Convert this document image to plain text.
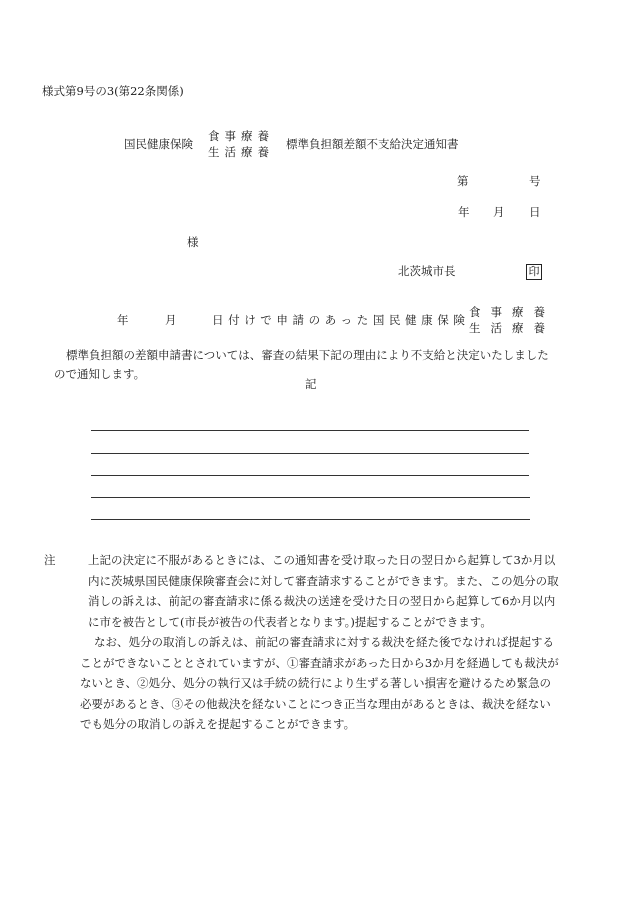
様式第9号の3(第22条関係)
国民健康保険
食事療養
生活療養
標準負担額差額不支給決定通知書
第	号
年 月 日
様
北茨城市長	印
年	月	日付けで申請のあった国民健康保険
食事療養
生活療養

標準負担額の差額申請書については、審査の結果下記の理由により不支給と決定いたしましたので通知します。

記

注	上記の決定に不服があるときには、この通知書を受け取った日の翌日から起算して3か月以内に茨城県国民健康保険審査会に対して審査請求することができます。また、この処分の取消しの訴えは、前記の審査請求に係る裁決の送達を受けた日の翌日から起算して6か月以内に市を被告として(市長が被告の代表者となります。)提起することができます。

なお、処分の取消しの訴えは、前記の審査請求に対する裁決を経た後でなければ提起することができないこととされていますが、①審査請求があった日から3か月を経過しても裁決がないとき、②処分、処分の執行又は手続の続行により生ずる著しい損害を避けるため緊急の必要があるとき、③その他裁決を経ないことにつき正当な理由があるときは、裁決を経ないでも処分の取消しの訴えを提起することができます。
